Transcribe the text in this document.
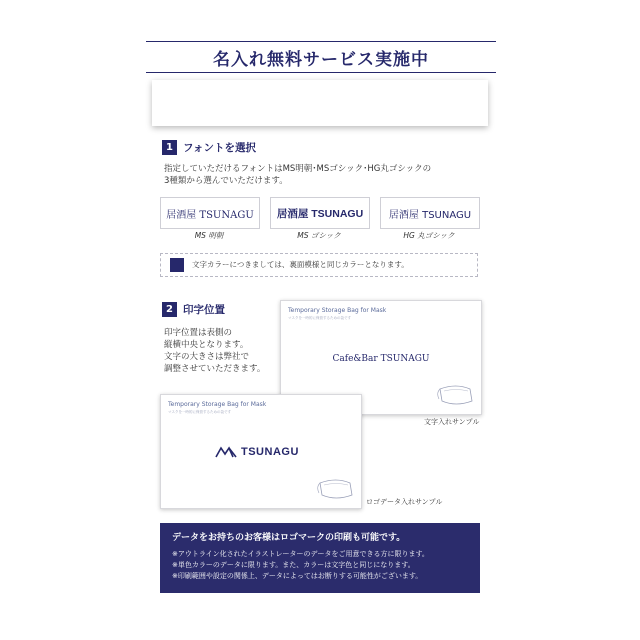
名入れ無料サービス実施中
1 フォントを選択
指定していただけるフォントはMS明朝･MSゴシック･HG丸ゴシックの
3種類から選んでいただけます。
居酒屋 TSUNAGU 居酒屋 TSUNAGU	居酒屋 TSUNAGU
MS 明朝	MS ゴシック	HG 丸ゴシック
文字カラーにつきましては、裏面模様と同じカラーとなります。
2 印字位置
印字位置は表側の
縦横中央となります。
文字の大きさは弊社で
調整させていただきます。
Temporary Storage Bag for Mask
マスクを一時的に保管するための袋です
Cafe&Bar TSUNAGU
文字入れサンプル
Temporary Storage Bag for Mask
マスクを一時的に保管するための袋です
TSUNAGU
ロゴデータ入れサンプル
データをお持ちのお客様はロゴマークの印刷も可能です。
※アウトライン化されたイラストレーターのデータをご用意できる方に限ります。
※単色カラーのデータに限ります。また、カラーは文字色と同じになります。
※印刷範囲や設定の関係上、データによってはお断りする可能性がございます。
